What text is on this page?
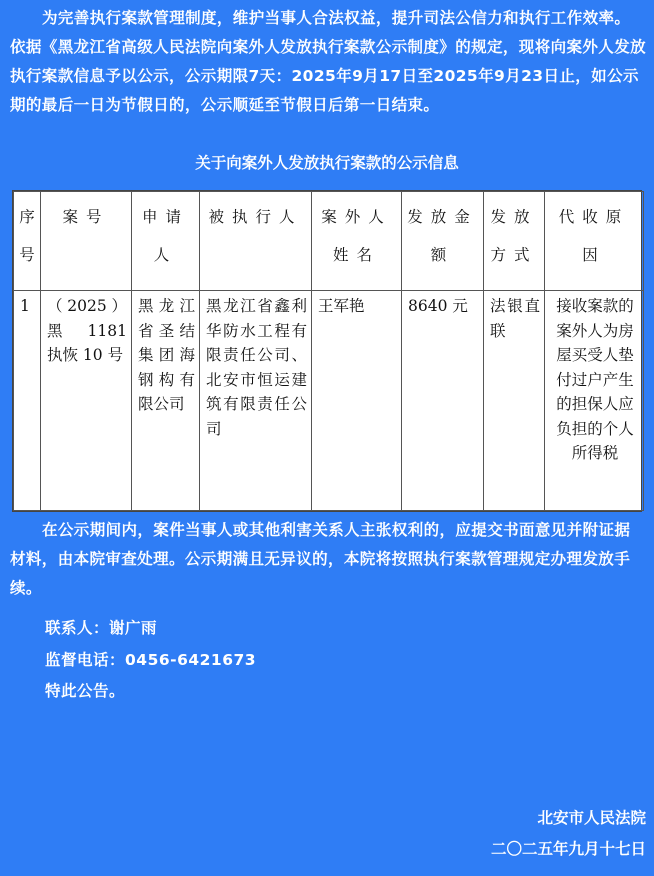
为完善执行案款管理制度，维护当事人合法权益，提升司法公信力和执行工作效率。依据《黑龙江省高级人民法院向案外人发放执行案款公示制度》的规定，现将向案外人发放执行案款信息予以公示，公示期限7天：2025年9月17日至2025年9月23日止，如公示期的最后一日为节假日的，公示顺延至节假日后第一日结束。

关于向案外人发放执行案款的公示信息
序号	案号	申请人	被执行人	案外人姓名	发放金额	发放方式	代收原因
1	（2025）黑 1181 执恢 10 号	黑龙江省圣结集团海钢构有限公司	黑龙江省鑫利华防水工程有限责任公司、北安市恒运建筑有限责任公司	王军艳	8640 元	法银直联	接收案款的案外人为房屋买受人垫付过户产生的担保人应负担的个人所得税

在公示期间内，案件当事人或其他利害关系人主张权利的，应提交书面意见并附证据材料，由本院审查处理。公示期满且无异议的，本院将按照执行案款管理规定办理发放手续。

联系人：谢广雨
监督电话：0456-6421673
特此公告。
北安市人民法院
二〇二五年九月十七日
